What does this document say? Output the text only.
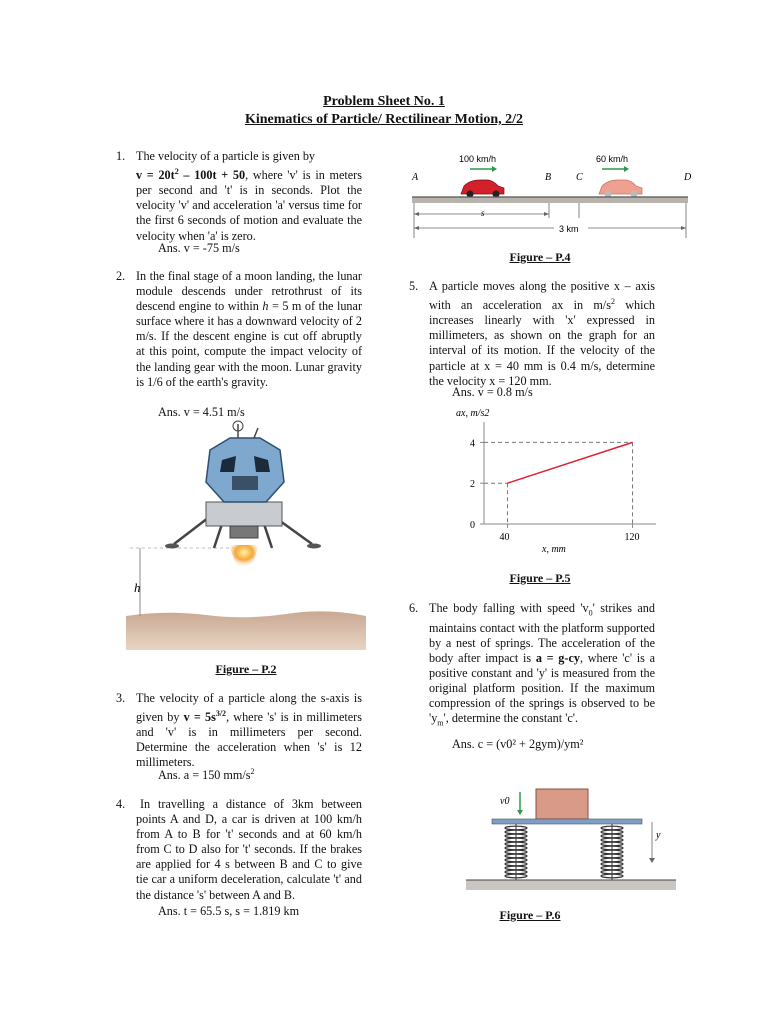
Problem Sheet No. 1
Kinematics of Particle/ Rectilinear Motion, 2/2
1. The velocity of a particle is given by
$v = 20t^2 - 100t + 50$, where 'v' is in meters per second and 't' is in seconds. Plot the velocity 'v' and acceleration 'a' versus time for the first 6 seconds of motion and evaluate the velocity when 'a' is zero.
Ans. v = -75 m/s
2. In the final stage of a moon landing, the lunar module descends under retrothrust of its descend engine to within h = 5 m of the lunar surface where it has a downward velocity of 2 m/s. If the descent engine is cut off abruptly at this point, compute the impact velocity of the landing gear with the moon. Lunar gravity is 1/6 of the earth's gravity.
Ans. v = 4.51 m/s
h
Figure – P.2
3. The velocity of a particle along the s-axis is given by $v = 5s^{3/2}$, where 's' is in millimeters and 'v' is in millimeters per second. Determine the acceleration when 's' is 12 millimeters.
Ans. a = 150 $mm/s^2$
4. In travelling a distance of 3km between points A and D, a car is driven at 100 km/h from A to B for 't' seconds and at 60 km/h from C to D also for 't' seconds. If the brakes are applied for 4 s between B and C to give tie car a uniform deceleration, calculate 't' and the distance 's' between A and B.
Ans. t = 65.5 s, s = 1.819 km
100 km/h	60 km/h
A	B C	D
s
3 km
Figure – P.4
5. A particle moves along the positive x – axis with an acceleration ax in $m/s^2$ which increases linearly with 'x' expressed in millimeters, as shown on the graph for an interval of its motion. If the velocity of the particle at x = 40 mm is 0.4 m/s, determine the velocity x = 120 mm.
Ans. v = 0.8 m/s
ax, m/s2
0
2
4
40	120
x, mm
Figure – P.5
6. The body falling with speed '$v_0$' strikes and maintains contact with the platform supported by a nest of springs. The acceleration of the body after impact is a = g-cy, where 'c' is a positive constant and 'y' is measured from the original platform position. If the maximum compression of the springs is observed to be '$y_m$', determine the constant 'c'.
Ans. c = (v0² + 2gym)/ym²
v0
y
Figure – P.6
